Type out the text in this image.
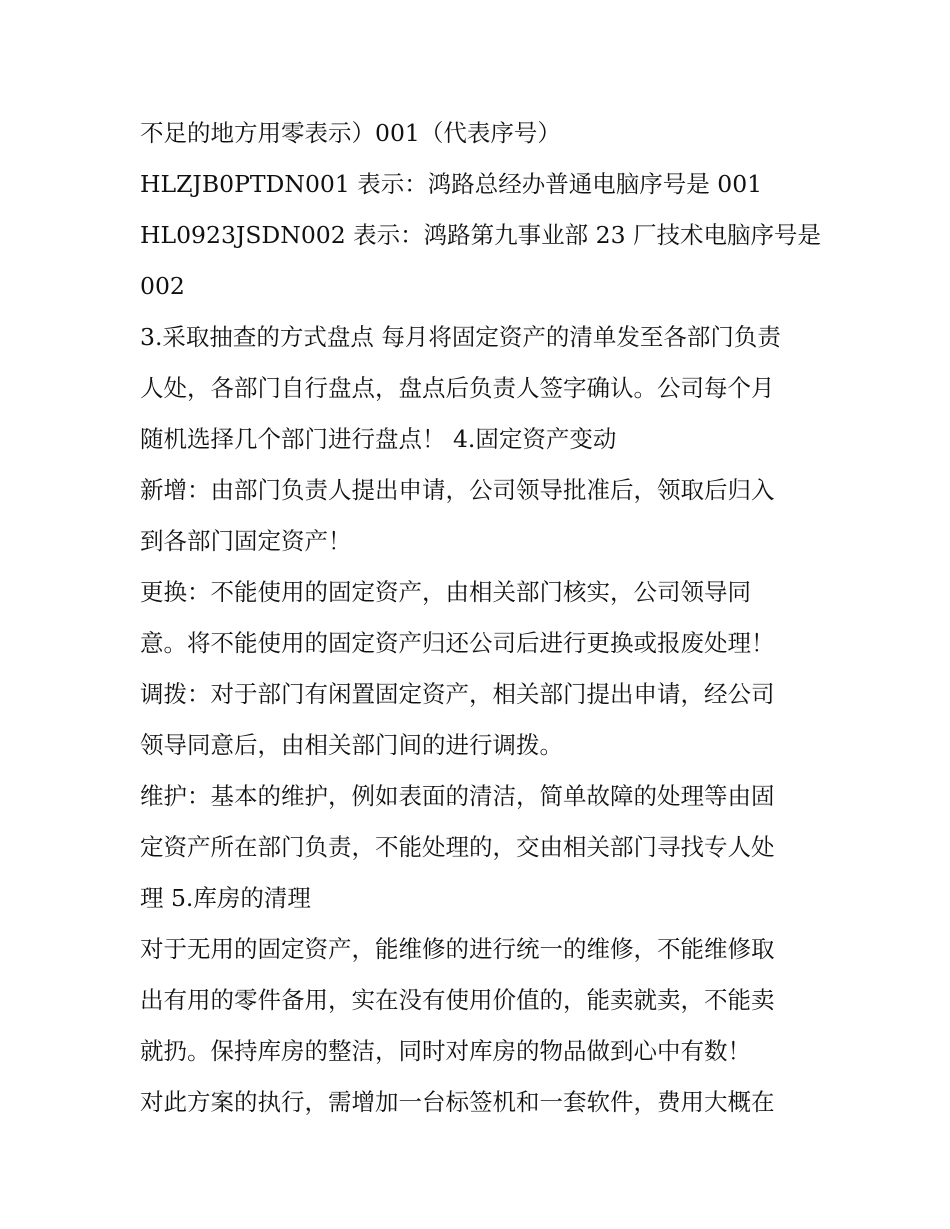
不足的地方用零表示）001（代表序号）
HLZJB0PTDN001 表示：鸿路总经办普通电脑序号是 001
HL0923JSDN002 表示：鸿路第九事业部 23 厂技术电脑序号是
002
3.采取抽查的方式盘点 每月将固定资产的清单发至各部门负责
人处，各部门自行盘点，盘点后负责人签字确认。公司每个月
随机选择几个部门进行盘点！ 4.固定资产变动
新增：由部门负责人提出申请，公司领导批准后，领取后归入
到各部门固定资产！
更换：不能使用的固定资产，由相关部门核实，公司领导同
意。将不能使用的固定资产归还公司后进行更换或报废处理！
调拨：对于部门有闲置固定资产，相关部门提出申请，经公司
领导同意后，由相关部门间的进行调拨。
维护：基本的维护，例如表面的清洁，简单故障的处理等由固
定资产所在部门负责，不能处理的，交由相关部门寻找专人处
理 5.库房的清理
对于无用的固定资产，能维修的进行统一的维修，不能维修取
出有用的零件备用，实在没有使用价值的，能卖就卖，不能卖
就扔。保持库房的整洁，同时对库房的物品做到心中有数！
对此方案的执行，需增加一台标签机和一套软件，费用大概在
